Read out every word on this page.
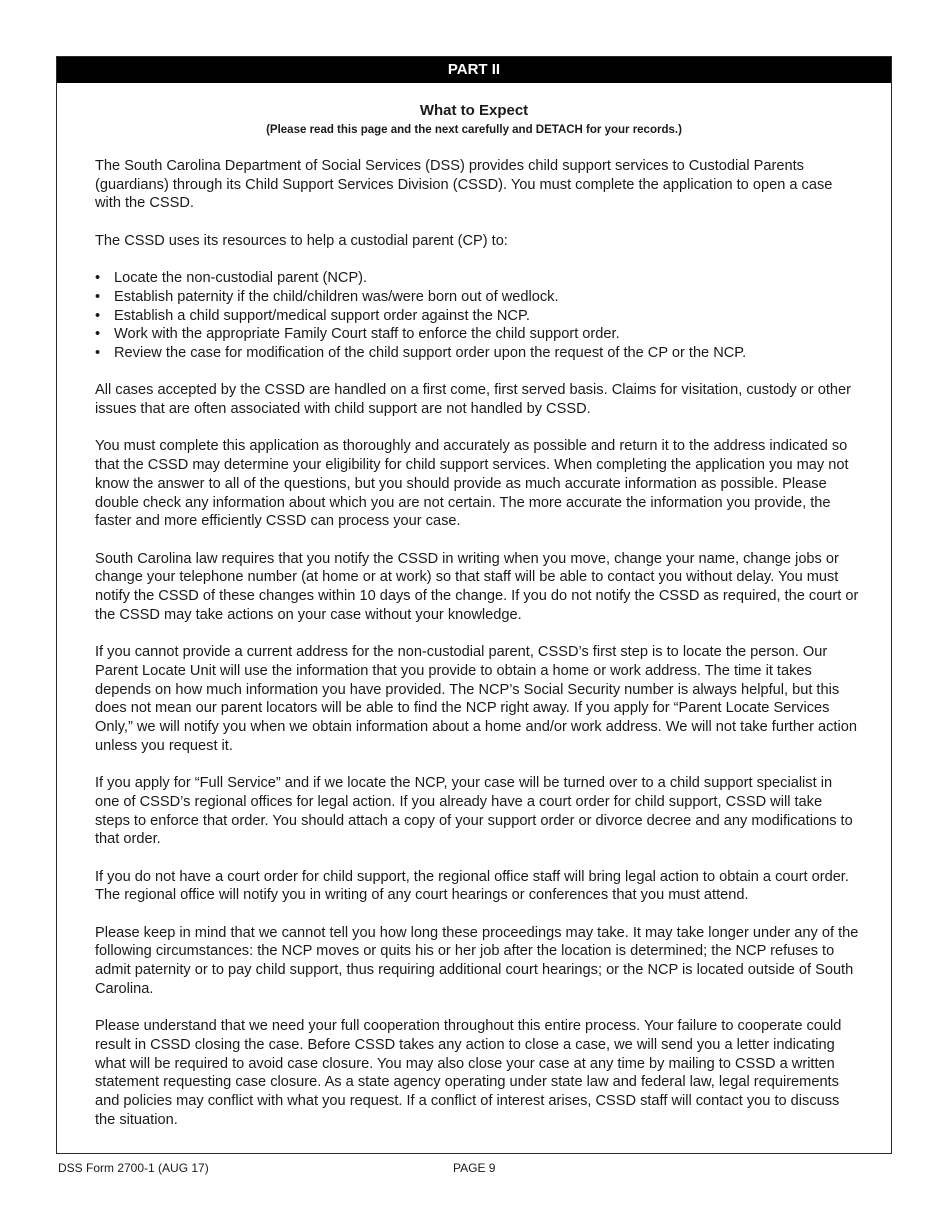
PART II
What to Expect
(Please read this page and the next carefully and DETACH for your records.)

The South Carolina Department of Social Services (DSS) provides child support services to Custodial Parents (guardians) through its Child Support Services Division (CSSD). You must complete the application to open a case with the CSSD.

The CSSD uses its resources to help a custodial parent (CP) to:

• Locate the non-custodial parent (NCP).
• Establish paternity if the child/children was/were born out of wedlock.
• Establish a child support/medical support order against the NCP.
• Work with the appropriate Family Court staff to enforce the child support order.
• Review the case for modification of the child support order upon the request of the CP or the NCP.

All cases accepted by the CSSD are handled on a first come, first served basis. Claims for visitation, custody or other issues that are often associated with child support are not handled by CSSD.

You must complete this application as thoroughly and accurately as possible and return it to the address indicated so that the CSSD may determine your eligibility for child support services. When completing the application you may not know the answer to all of the questions, but you should provide as much accurate information as possible. Please double check any information about which you are not certain. The more accurate the information you provide, the faster and more efficiently CSSD can process your case.

South Carolina law requires that you notify the CSSD in writing when you move, change your name, change jobs or change your telephone number (at home or at work) so that staff will be able to contact you without delay. You must notify the CSSD of these changes within 10 days of the change. If you do not notify the CSSD as required, the court or the CSSD may take actions on your case without your knowledge.

If you cannot provide a current address for the non-custodial parent, CSSD’s first step is to locate the person. Our Parent Locate Unit will use the information that you provide to obtain a home or work address. The time it takes depends on how much information you have provided. The NCP’s Social Security number is always helpful, but this does not mean our parent locators will be able to find the NCP right away. If you apply for “Parent Locate Services Only,” we will notify you when we obtain information about a home and/or work address. We will not take further action unless you request it.

If you apply for “Full Service” and if we locate the NCP, your case will be turned over to a child support specialist in one of CSSD’s regional offices for legal action. If you already have a court order for child support, CSSD will take steps to enforce that order. You should attach a copy of your support order or divorce decree and any modifications to that order.

If you do not have a court order for child support, the regional office staff will bring legal action to obtain a court order. The regional office will notify you in writing of any court hearings or conferences that you must attend.

Please keep in mind that we cannot tell you how long these proceedings may take. It may take longer under any of the following circumstances: the NCP moves or quits his or her job after the location is determined; the NCP refuses to admit paternity or to pay child support, thus requiring additional court hearings; or the NCP is located outside of South Carolina.

Please understand that we need your full cooperation throughout this entire process. Your failure to cooperate could result in CSSD closing the case. Before CSSD takes any action to close a case, we will send you a letter indicating what will be required to avoid case closure. You may also close your case at any time by mailing to CSSD a written statement requesting case closure. As a state agency operating under state law and federal law, legal requirements and policies may conflict with what you request. If a conflict of interest arises, CSSD staff will contact you to discuss the situation.

DSS Form 2700-1 (AUG 17)	PAGE 9
